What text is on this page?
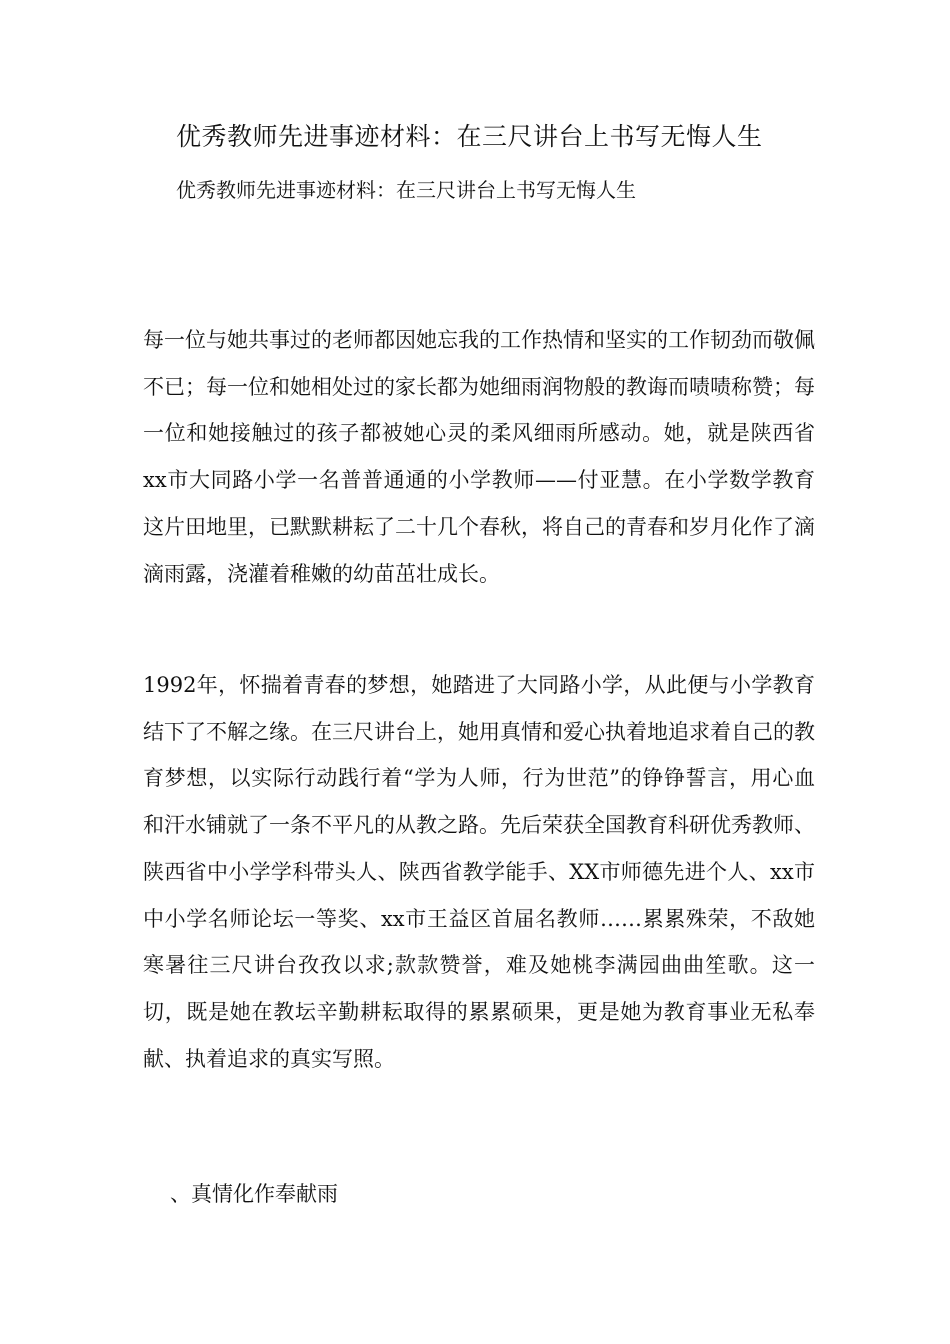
优秀教师先进事迹材料：在三尺讲台上书写无悔人生
优秀教师先进事迹材料：在三尺讲台上书写无悔人生

每一位与她共事过的老师都因她忘我的工作热情和坚实的工作韧劲而敬佩不已；每一位和她相处过的家长都为她细雨润物般的教诲而啧啧称赞；每一位和她接触过的孩子都被她心灵的柔风细雨所感动。她，就是陕西省xx市大同路小学一名普普通通的小学教师——付亚慧。在小学数学教育这片田地里，已默默耕耘了二十几个春秋，将自己的青春和岁月化作了滴滴雨露，浇灌着稚嫩的幼苗茁壮成长。

1992年，怀揣着青春的梦想，她踏进了大同路小学，从此便与小学教育结下了不解之缘。在三尺讲台上，她用真情和爱心执着地追求着自己的教育梦想，以实际行动践行着“学为人师，行为世范”的铮铮誓言，用心血和汗水铺就了一条不平凡的从教之路。先后荣获全国教育科研优秀教师、陕西省中小学学科带头人、陕西省教学能手、XX市师德先进个人、xx市中小学名师论坛一等奖、xx市王益区首届名教师……累累殊荣，不敌她寒暑往三尺讲台孜孜以求;款款赞誉，难及她桃李满园曲曲笙歌。这一切，既是她在教坛辛勤耕耘取得的累累硕果，更是她为教育事业无私奉献、执着追求的真实写照。

、真情化作奉献雨
